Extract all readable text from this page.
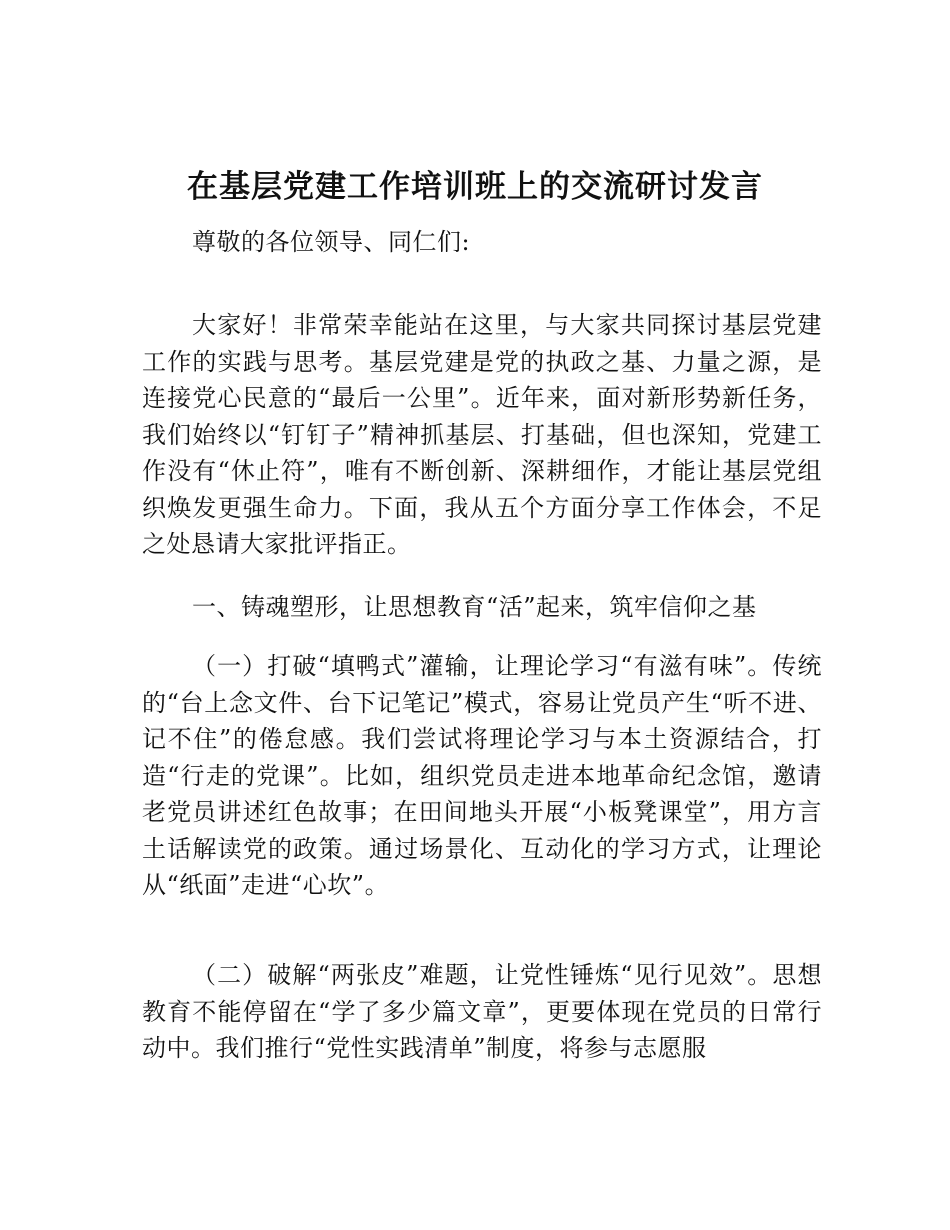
在基层党建工作培训班上的交流研讨发言

尊敬的各位领导、同仁们:

大家好！非常荣幸能站在这里，与大家共同探讨基层党建工作的实践与思考。基层党建是党的执政之基、力量之源，是连接党心民意的“最后一公里”。近年来，面对新形势新任务，我们始终以“钉钉子”精神抓基层、打基础，但也深知，党建工作没有“休止符”，唯有不断创新、深耕细作，才能让基层党组织焕发更强生命力。下面，我从五个方面分享工作体会，不足之处恳请大家批评指正。

一、铸魂塑形，让思想教育“活”起来，筑牢信仰之基

（一）打破“填鸭式”灌输，让理论学习“有滋有味”。传统的“台上念文件、台下记笔记”模式，容易让党员产生“听不进、记不住”的倦怠感。我们尝试将理论学习与本土资源结合，打造“行走的党课”。比如，组织党员走进本地革命纪念馆，邀请老党员讲述红色故事；在田间地头开展“小板凳课堂”，用方言土话解读党的政策。通过场景化、互动化的学习方式，让理论从“纸面”走进“心坎”。

（二）破解“两张皮”难题，让党性锤炼“见行见效”。思想教育不能停留在“学了多少篇文章”，更要体现在党员的日常行动中。我们推行“党性实践清单”制度，将参与志愿服
